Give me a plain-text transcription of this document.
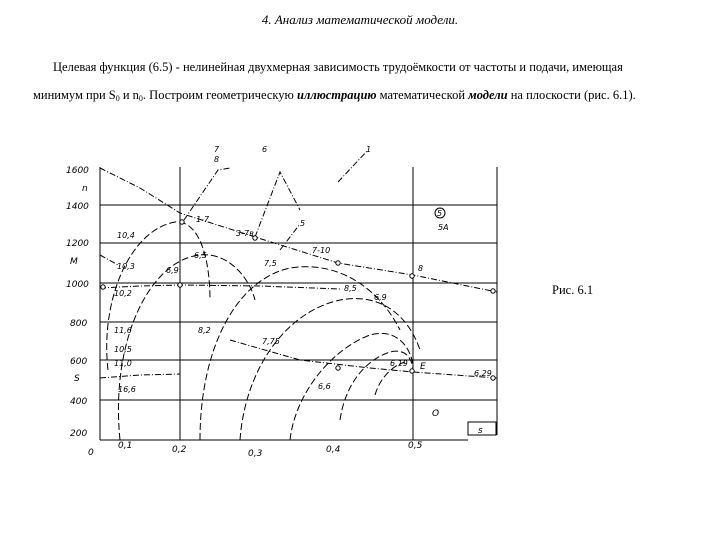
4. Анализ математической модели.
Целевая функция (6.5) - нелинейная двухмерная зависимость трудоёмкости от частоты и подачи, имеющая минимум при $S_0$ и $n_0$. Построим геометрическую иллюстрацию математической модели на плоскости (рис. 6.1).
Рис. 6.1
1600
n
1400
1200
M
1000
800
600
S
400
200
0
0,1	0,2	0,3	0,4	0,5
7
8
6	1
5
1-7
3-7в
7-10
5
5А
10,4
10,3
10,2
11,6
10,5
11,0
16,6
6,9
6,5
8,2
7,5
7,75
8,5
6,9
6,6
6,19
6,29
8
E
O
s
